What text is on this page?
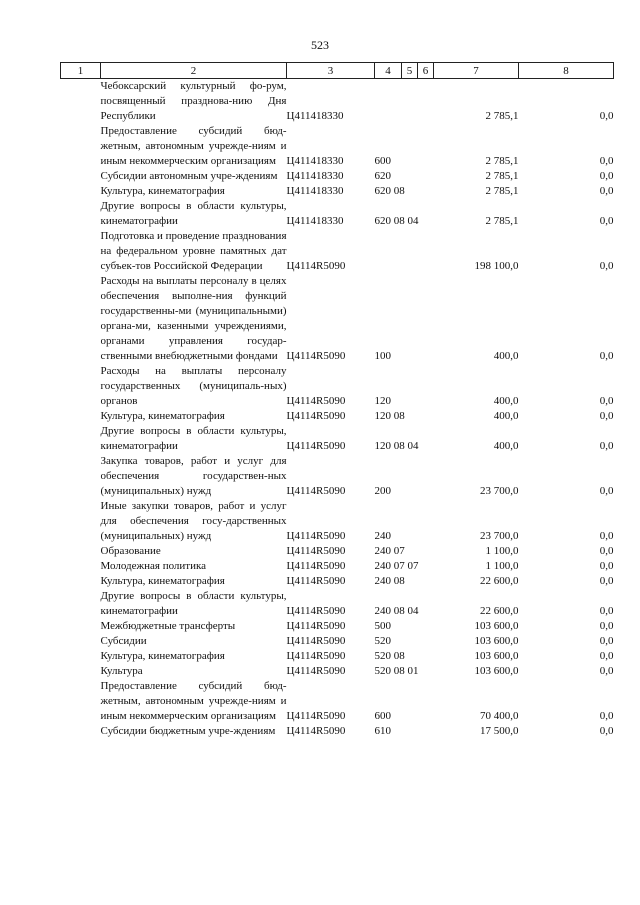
523
1	2	3	4	5	6	7	8
	Чебоксарский культурный фо-рум, посвященный празднова-нию Дня Республики	Ц411418330				2 785,1	0,0
	Предоставление субсидий бюд-жетным, автономным учрежде-ниям и иным некоммерческим организациям	Ц411418330	600			2 785,1	0,0
	Субсидии автономным учре-ждениям	Ц411418330	620			2 785,1	0,0
	Культура, кинематография	Ц411418330	620 08			2 785,1	0,0
	Другие вопросы в области культуры, кинематографии	Ц411418330	620 08 04			2 785,1	0,0
	Подготовка и проведение празднования на федеральном уровне памятных дат субъек-тов Российской Федерации	Ц4114R5090				198 100,0	0,0
	Расходы на выплаты персоналу в целях обеспечения выполне-ния функций государственны-ми (муниципальными) органа-ми, казенными учреждениями, органами управления государ-ственными внебюджетными фондами	Ц4114R5090	100			400,0	0,0
	Расходы на выплаты персоналу государственных (муниципаль-ных) органов	Ц4114R5090	120			400,0	0,0
	Культура, кинематография	Ц4114R5090	120 08			400,0	0,0
	Другие вопросы в области культуры, кинематографии	Ц4114R5090	120 08 04			400,0	0,0
	Закупка товаров, работ и услуг для обеспечения государствен-ных (муниципальных) нужд	Ц4114R5090	200			23 700,0	0,0
	Иные закупки товаров, работ и услуг для обеспечения госу-дарственных (муниципальных) нужд	Ц4114R5090	240			23 700,0	0,0
	Образование	Ц4114R5090	240 07			1 100,0	0,0
	Молодежная политика	Ц4114R5090	240 07 07			1 100,0	0,0
	Культура, кинематография	Ц4114R5090	240 08			22 600,0	0,0
	Другие вопросы в области культуры, кинематографии	Ц4114R5090	240 08 04			22 600,0	0,0
	Межбюджетные трансферты	Ц4114R5090	500			103 600,0	0,0
	Субсидии	Ц4114R5090	520			103 600,0	0,0
	Культура, кинематография	Ц4114R5090	520 08			103 600,0	0,0
	Культура	Ц4114R5090	520 08 01			103 600,0	0,0
	Предоставление субсидий бюд-жетным, автономным учрежде-ниям и иным некоммерческим организациям	Ц4114R5090	600			70 400,0	0,0
	Субсидии бюджетным учре-ждениям	Ц4114R5090	610			17 500,0	0,0
